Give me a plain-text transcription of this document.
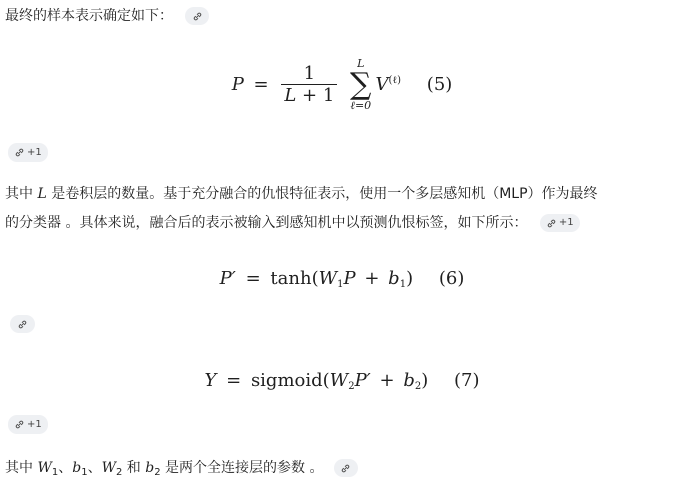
最终的样本表示确定如下：
$P = \frac{1}{L + 1}$
	L
∑
ℓ=0
$V^{(\ell)}$ (5)
+1
其中 L 是卷积层的数量。基于充分融合的仇恨特征表示，使用一个多层感知机（MLP）作为最终
的分类器 。具体来说，融合后的表示被输入到感知机中以预测仇恨标签，如下所示：	+1
$P' = \tanh(W_1P + b_1)$ (6)
$Y = sigmoid(W_2P' + b_2)$ (7)
+1
其中 $W_1$、$b_1$、$W_2$ 和 $b_2$ 是两个全连接层的参数 。
